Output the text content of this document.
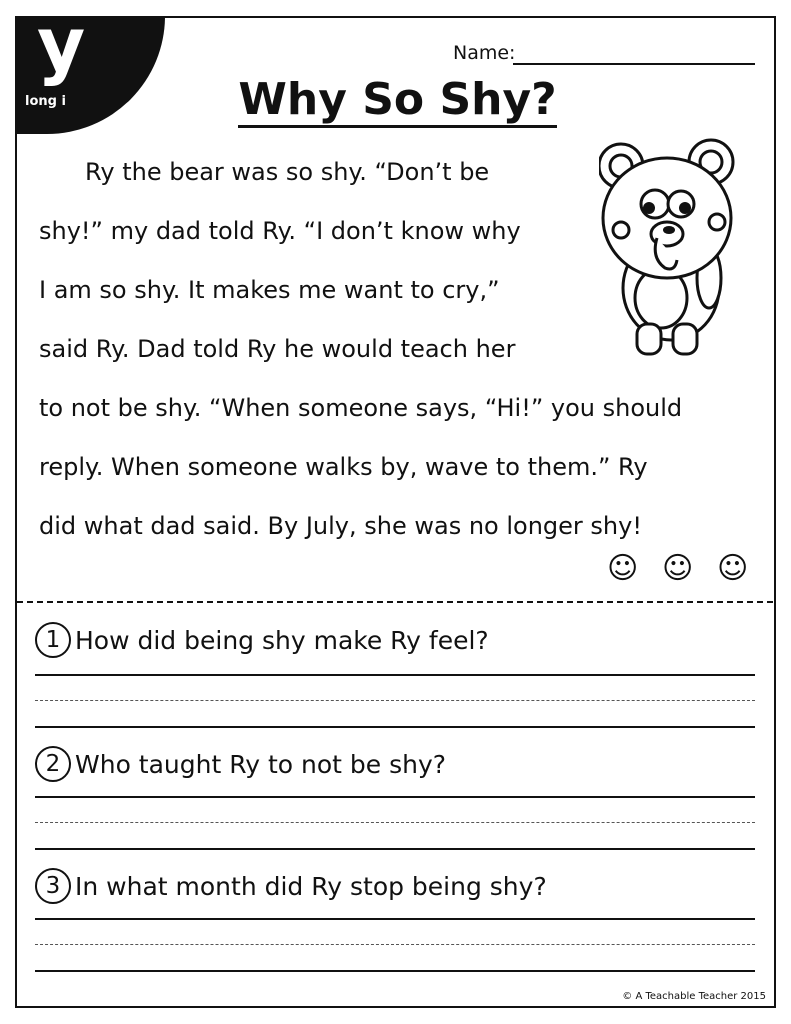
y
long i
Name:
Why So Shy?
Ry the bear was so shy. “Don’t be
shy!” my dad told Ry. “I don’t know why
I am so shy. It makes me want to cry,”
said Ry. Dad told Ry he would teach her
to not be shy. “When someone says, “Hi!” you should
reply. When someone walks by, wave to them.” Ry
did what dad said. By July, she was no longer shy!
☺ ☺ ☺
1 How did being shy make Ry feel?
2 Who taught Ry to not be shy?
3 In what month did Ry stop being shy?
© A Teachable Teacher 2015
